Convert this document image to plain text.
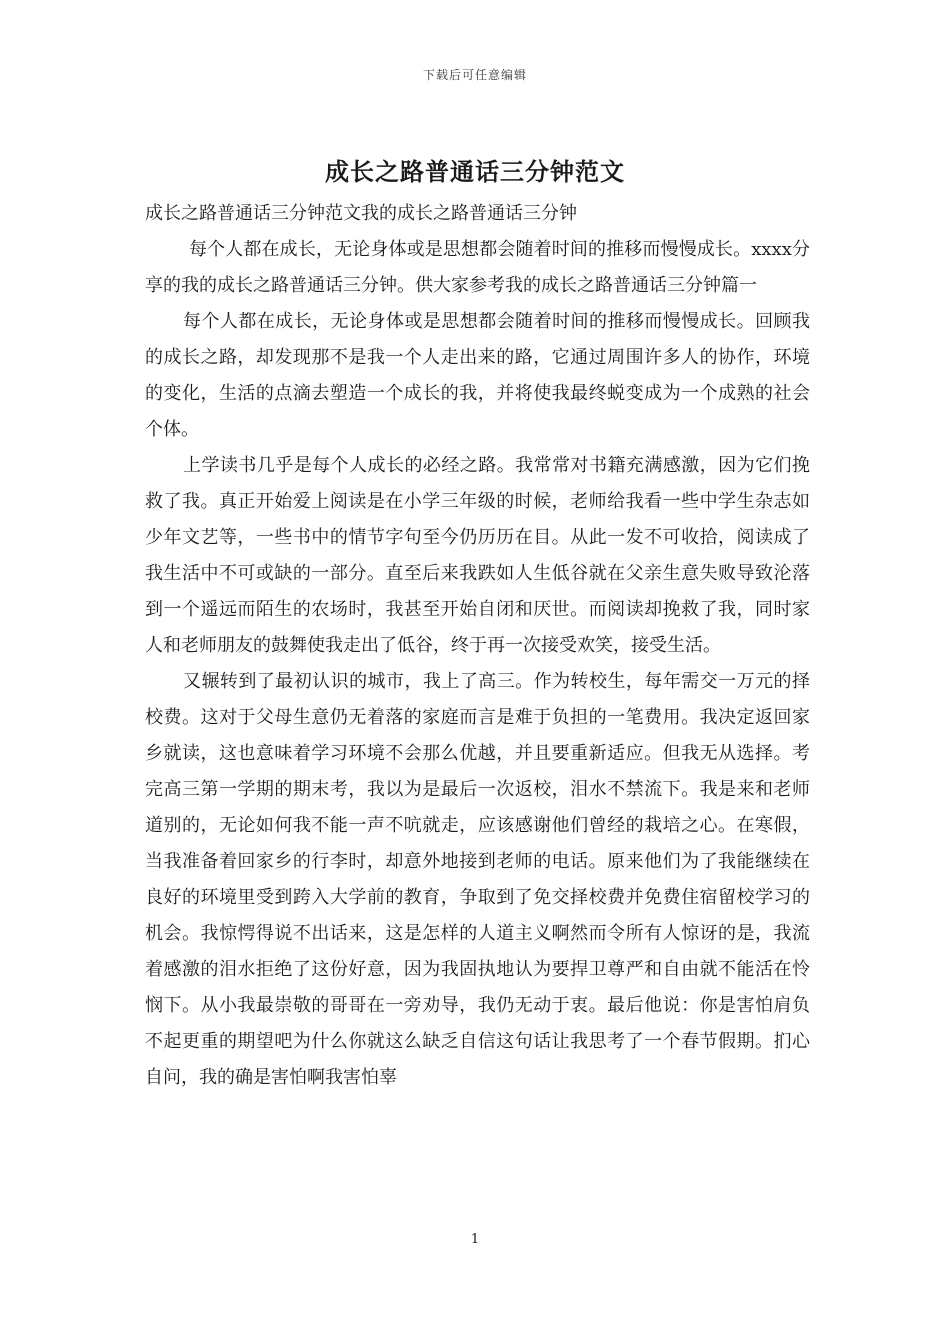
下载后可任意编辑
成长之路普通话三分钟范文
成长之路普通话三分钟范文我的成长之路普通话三分钟

每个人都在成长，无论身体或是思想都会随着时间的推移而慢慢成长。xxxx分享的我的成长之路普通话三分钟。供大家参考我的成长之路普通话三分钟篇一

每个人都在成长，无论身体或是思想都会随着时间的推移而慢慢成长。回顾我的成长之路，却发现那不是我一个人走出来的路，它通过周围许多人的协作，环境的变化，生活的点滴去塑造一个成长的我，并将使我最终蜕变成为一个成熟的社会个体。

上学读书几乎是每个人成长的必经之路。我常常对书籍充满感激，因为它们挽救了我。真正开始爱上阅读是在小学三年级的时候，老师给我看一些中学生杂志如少年文艺等，一些书中的情节字句至今仍历历在目。从此一发不可收拾，阅读成了我生活中不可或缺的一部分。直至后来我跌如人生低谷就在父亲生意失败导致沦落到一个遥远而陌生的农场时，我甚至开始自闭和厌世。而阅读却挽救了我，同时家人和老师朋友的鼓舞使我走出了低谷，终于再一次接受欢笑，接受生活。

又辗转到了最初认识的城市，我上了高三。作为转校生，每年需交一万元的择校费。这对于父母生意仍无着落的家庭而言是难于负担的一笔费用。我决定返回家乡就读，这也意味着学习环境不会那么优越，并且要重新适应。但我无从选择。考完高三第一学期的期末考，我以为是最后一次返校，泪水不禁流下。我是来和老师道别的，无论如何我不能一声不吭就走，应该感谢他们曾经的栽培之心。在寒假，当我准备着回家乡的行李时，却意外地接到老师的电话。原来他们为了我能继续在良好的环境里受到跨入大学前的教育，争取到了免交择校费并免费住宿留校学习的机会。我惊愕得说不出话来，这是怎样的人道主义啊然而令所有人惊讶的是，我流着感激的泪水拒绝了这份好意，因为我固执地认为要捍卫尊严和自由就不能活在怜悯下。从小我最崇敬的哥哥在一旁劝导，我仍无动于衷。最后他说：你是害怕肩负不起更重的期望吧为什么你就这么缺乏自信这句话让我思考了一个春节假期。扪心自问，我的确是害怕啊我害怕辜

1
